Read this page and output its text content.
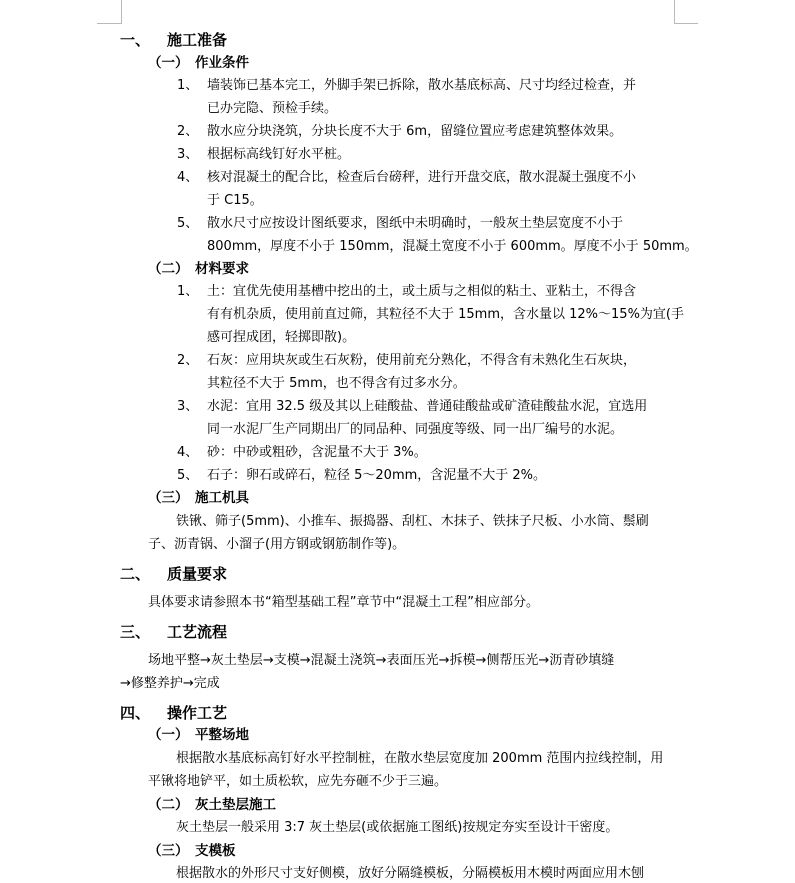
一、 施工准备
（一） 作业条件
1、 墙装饰已基本完工，外脚手架已拆除，散水基底标高、尺寸均经过检查，并
已办完隐、预检手续。
2、 散水应分块浇筑，分块长度不大于 6m，留缝位置应考虑建筑整体效果。
3、 根据标高线钉好水平桩。
4、 核对混凝土的配合比，检查后台磅秤，进行开盘交底，散水混凝土强度不小
于 C15。
5、 散水尺寸应按设计图纸要求，图纸中未明确时，一般灰土垫层宽度不小于
800mm，厚度不小于 150mm，混凝土宽度不小于 600mm。厚度不小于 50mm。
（二） 材料要求
1、 土：宜优先使用基槽中挖出的土，或土质与之相似的粘土、亚粘土，不得含
有有机杂质，使用前直过筛，其粒径不大于 15mm，含水量以 12%～15%为宜(手
感可捏成团，轻掷即散)。
2、 石灰：应用块灰或生石灰粉，使用前充分熟化，不得含有未熟化生石灰块，
其粒径不大于 5mm，也不得含有过多水分。
3、 水泥：宜用 32.5 级及其以上硅酸盐、普通硅酸盐或矿渣硅酸盐水泥，宜选用
同一水泥厂生产同期出厂的同品种、同强度等级、同一出厂编号的水泥。
4、 砂：中砂或粗砂，含泥量不大于 3%。
5、 石子：卵石或碎石，粒径 5～20mm，含泥量不大于 2%。
（三） 施工机具
铁锹、筛子(5mm)、小推车、振捣器、刮杠、木抹子、铁抹子尺板、小水筒、鬃刷
子、沥青锅、小溜子(用方钢或钢筋制作等)。
二、 质量要求
具体要求请参照本书“箱型基础工程”章节中“混凝土工程”相应部分。
三、 工艺流程
场地平整→灰土垫层→支模→混凝土浇筑→表面压光→拆模→侧帮压光→沥青砂填缝
→修整养护→完成
四、 操作工艺
（一） 平整场地
根据散水基底标高钉好水平控制桩，在散水垫层宽度加 200mm 范围内拉线控制，用
平锹将地铲平，如土质松软，应先夯砸不少于三遍。
（二） 灰土垫层施工
灰土垫层一般采用 3:7 灰土垫层(或依据施工图纸)按规定夯实至设计干密度。
（三） 支模板
根据散水的外形尺寸支好侧模，放好分隔缝模板，分隔模板用木模时两面应用木刨
